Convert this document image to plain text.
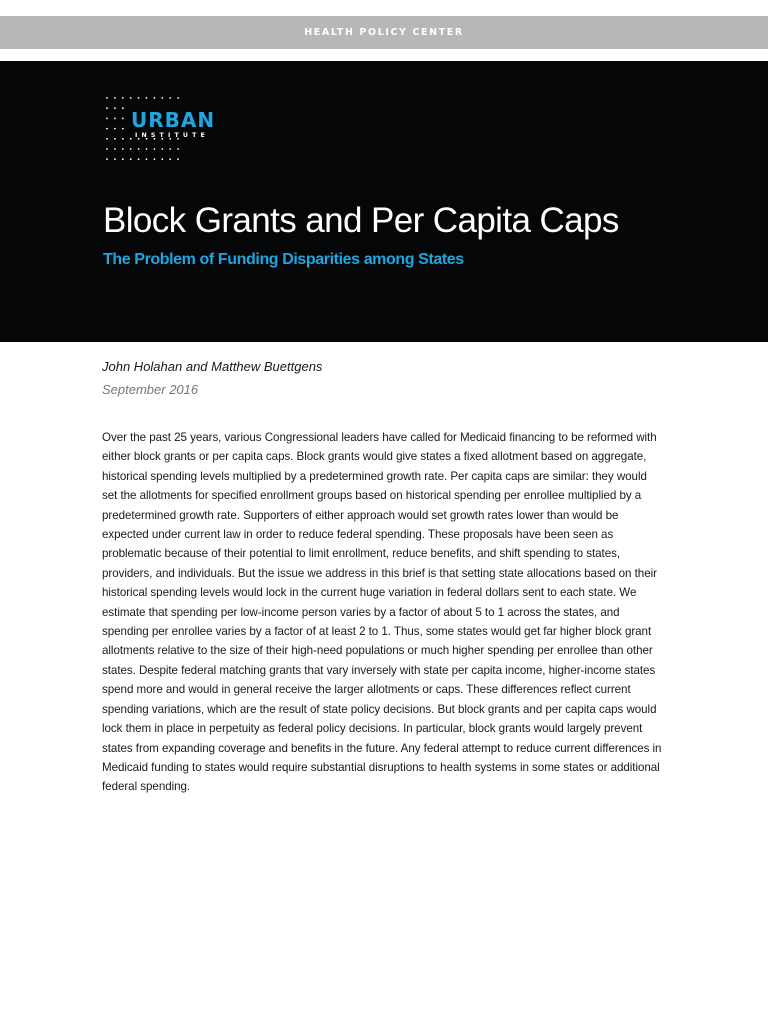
HEALTH POLICY CENTER
URBAN
INSTITUTE
Block Grants and Per Capita Caps
The Problem of Funding Disparities among States
John Holahan and Matthew Buettgens
September 2016

Over the past 25 years, various Congressional leaders have called for Medicaid financing to be reformed with either block grants or per capita caps. Block grants would give states a fixed allotment based on aggregate, historical spending levels multiplied by a predetermined growth rate. Per capita caps are similar: they would set the allotments for specified enrollment groups based on historical spending per enrollee multiplied by a predetermined growth rate. Supporters of either approach would set growth rates lower than would be expected under current law in order to reduce federal spending. These proposals have been seen as problematic because of their potential to limit enrollment, reduce benefits, and shift spending to states, providers, and individuals. But the issue we address in this brief is that setting state allocations based on their historical spending levels would lock in the current huge variation in federal dollars sent to each state. We estimate that spending per low-income person varies by a factor of about 5 to 1 across the states, and spending per enrollee varies by a factor of at least 2 to 1. Thus, some states would get far higher block grant allotments relative to the size of their high-need populations or much higher spending per enrollee than other states. Despite federal matching grants that vary inversely with state per capita income, higher-income states spend more and would in general receive the larger allotments or caps. These differences reflect current spending variations, which are the result of state policy decisions. But block grants and per capita caps would lock them in place in perpetuity as federal policy decisions. In particular, block grants would largely prevent states from expanding coverage and benefits in the future. Any federal attempt to reduce current differences in Medicaid funding to states would require substantial disruptions to health systems in some states or additional federal spending.
